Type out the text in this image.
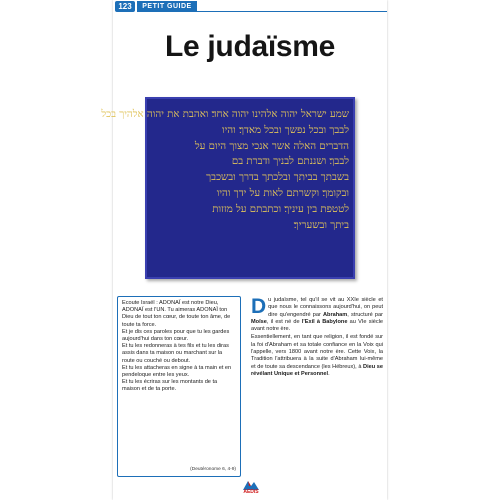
123	PETIT GUIDE
Le judaïsme
שמע ישראל יהוה אלהינו יהוה אחד׃ ואהבת את יהוה אלהיך בכל
לבבך ובכל נפשך ובכל מאדך׃ והיו
הדברים האלה אשר אנכי מצוך היום על
לבבך׃ ושננתם לבניך ודברת בם
בשבתך בביתך ובלכתך בדרך ובשכבך
ובקומך׃ וקשרתם לאות על ידך והיו
לטטפת בין עיניך׃ וכתבתם על מזזות
ביתך ובשעריך׃

Ecoute Israël : ADONAÏ est notre Dieu, ADONAÏ est l'UN. Tu aimeras ADONAÏ ton Dieu de tout ton cœur, de toute ton âme, de toute ta force.

Et je dis ces paroles pour que tu les gardes aujourd'hui dans ton cœur.

Et tu les redonneras à tes fils et tu les diras assis dans ta maison ou marchant sur la route ou couché ou debout.

Et tu les attacheras en signe à ta main et en pendeloque entre les yeux.

Et tu les écriras sur les montants de ta maison et de ta porte.

(Deutéronome 6, 4-9)
D u judaïsme, tel qu'il se vit au XXIe siècle et que nous le connaissons aujourd'hui, on peut dire qu'engendré par Abraham, structuré par Moïse, il est né de l'Exil à Babylone au VIe siècle avant notre ère.

Essentiellement, en tant que religion, il est fondé sur la foi d'Abraham et sa totale confiance en la Voix qui l'appelle, vers 1800 avant notre ère. Cette Voix, la Tradition l'attribuera à la suite d'Abraham lui-même et de toute sa descendance (les Hébreux), à Dieu se révélant Unique et Personnel.

AEDIS
